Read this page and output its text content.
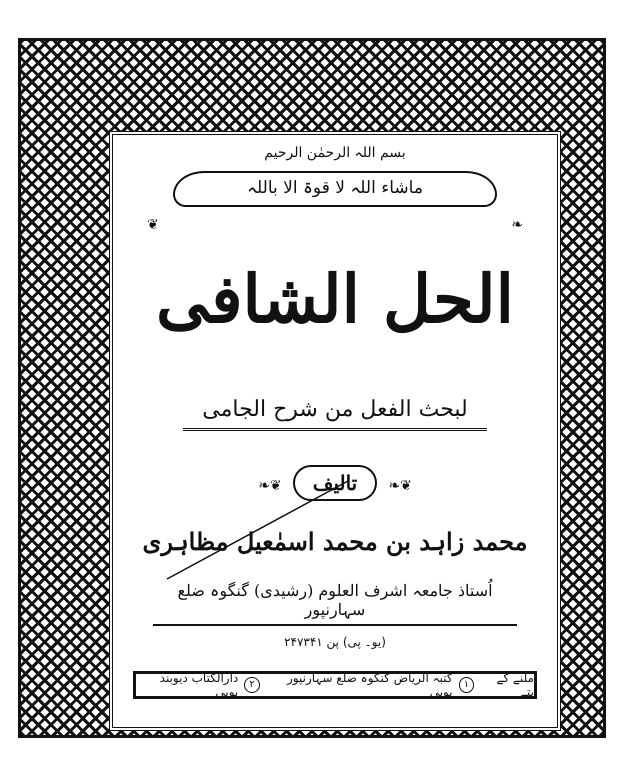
بسم اللہ الرحمٰن الرحیم
ماشاء اللہ لا قوۃ الا باللہ
❦	❧
الحل الشافی
لبحث الفعل من شرح الجامی
❦❧ تالیف ❦❧
محمد زاہد بن محمد اسمٰعیل مظاہری
اُستاذ جامعہ اشرف العلوم (رشیدی) گنگوہ ضلع سہارنپور
(یو۔ پی) پن ۲۴۷۳۴۱
ملنے کے پتے
۱
کتبہ الریاض گنگوہ ضلع سہارنپور یوپی
۲
دارالکتاب دیوبند یوپی
